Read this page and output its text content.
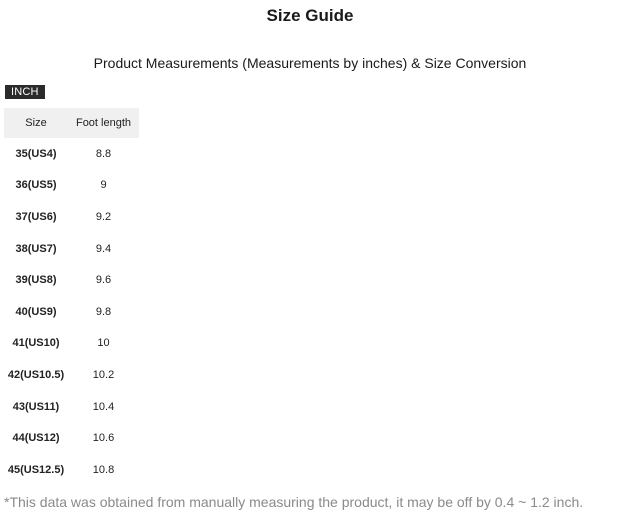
Size Guide
Product Measurements (Measurements by inches) & Size Conversion
INCH
Size	Foot length
35(US4)	8.8
36(US5)	9
37(US6)	9.2
38(US7)	9.4
39(US8)	9.6
40(US9)	9.8
41(US10)	10
42(US10.5)	10.2
43(US11)	10.4
44(US12)	10.6
45(US12.5)	10.8
*This data was obtained from manually measuring the product, it may be off by 0.4 ~ 1.2 inch.
